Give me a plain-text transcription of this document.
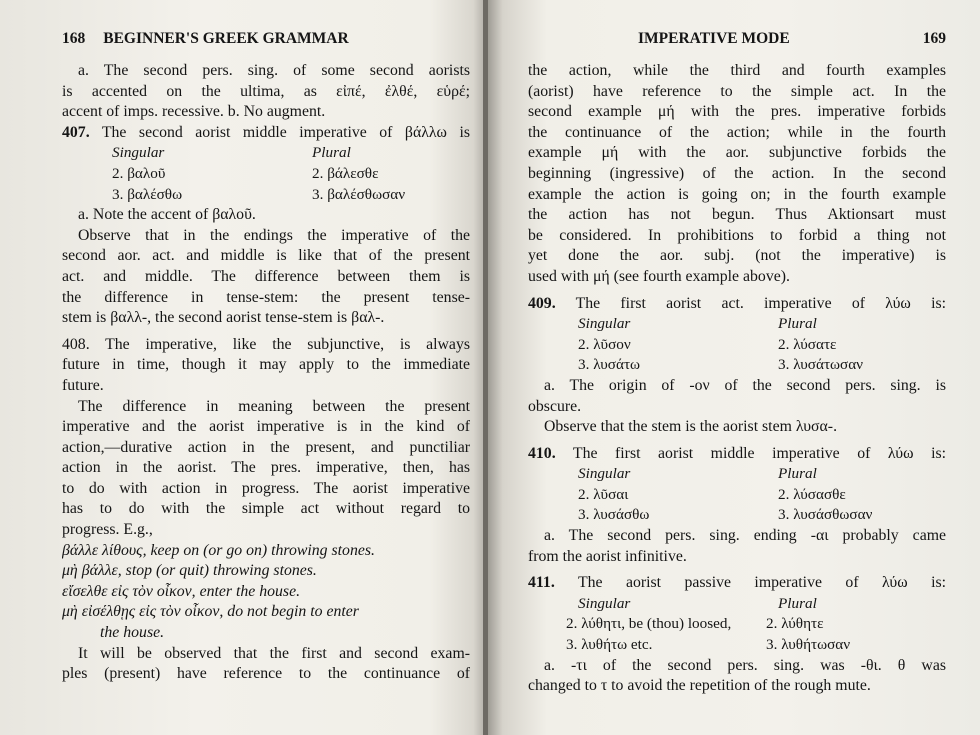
168	BEGINNER'S GREEK GRAMMAR
a. The second pers. sing. of some second aorists
is accented on the ultima, as εἰπέ, ἐλθέ, εὑρέ;
accent of imps. recessive. b. No augment.
407. The second aorist middle imperative of βάλλω is
Singular	Plural
2. βαλοῦ	2. βάλεσθε
3. βαλέσθω	3. βαλέσθωσαν
a. Note the accent of βαλοῦ.
Observe that in the endings the imperative of the
second aor. act. and middle is like that of the present
act. and middle. The difference between them is
the difference in tense-stem: the present tense-
stem is βαλλ-, the second aorist tense-stem is βαλ-.
408. The imperative, like the subjunctive, is always
future in time, though it may apply to the immediate
future.
The difference in meaning between the present
imperative and the aorist imperative is in the kind of
action,—durative action in the present, and punctiliar
action in the aorist. The pres. imperative, then, has
to do with action in progress. The aorist imperative
has to do with the simple act without regard to
progress. E.g.,
βάλλε λίθους, keep on (or go on) throwing stones.
μὴ βάλλε, stop (or quit) throwing stones.
εἴσελθε εἰς τὸν οἶκον, enter the house.
μὴ εἰσέλθῃς εἰς τὸν οἶκον, do not begin to enter
the house.
It will be observed that the first and second exam-
ples (present) have reference to the continuance of
IMPERATIVE MODE	169
the action, while the third and fourth examples
(aorist) have reference to the simple act. In the
second example μή with the pres. imperative forbids
the continuance of the action; while in the fourth
example μή with the aor. subjunctive forbids the
beginning (ingressive) of the action. In the second
example the action is going on; in the fourth example
the action has not begun. Thus Aktionsart must
be considered. In prohibitions to forbid a thing not
yet done the aor. subj. (not the imperative) is
used with μή (see fourth example above).
409. The first aorist act. imperative of λύω is:
Singular	Plural
2. λῦσον	2. λύσατε
3. λυσάτω	3. λυσάτωσαν
a. The origin of -ον of the second pers. sing. is
obscure.
Observe that the stem is the aorist stem λυσα-.
410. The first aorist middle imperative of λύω is:
Singular	Plural
2. λῦσαι	2. λύσασθε
3. λυσάσθω	3. λυσάσθωσαν
a. The second pers. sing. ending -αι probably came
from the aorist infinitive.
411. The aorist passive imperative of λύω is:
Singular	Plural
2. λύθητι, be (thou) loosed,	2. λύθητε
3. λυθήτω etc.	3. λυθήτωσαν
a. -τι of the second pers. sing. was -θι. θ was
changed to τ to avoid the repetition of the rough mute.
